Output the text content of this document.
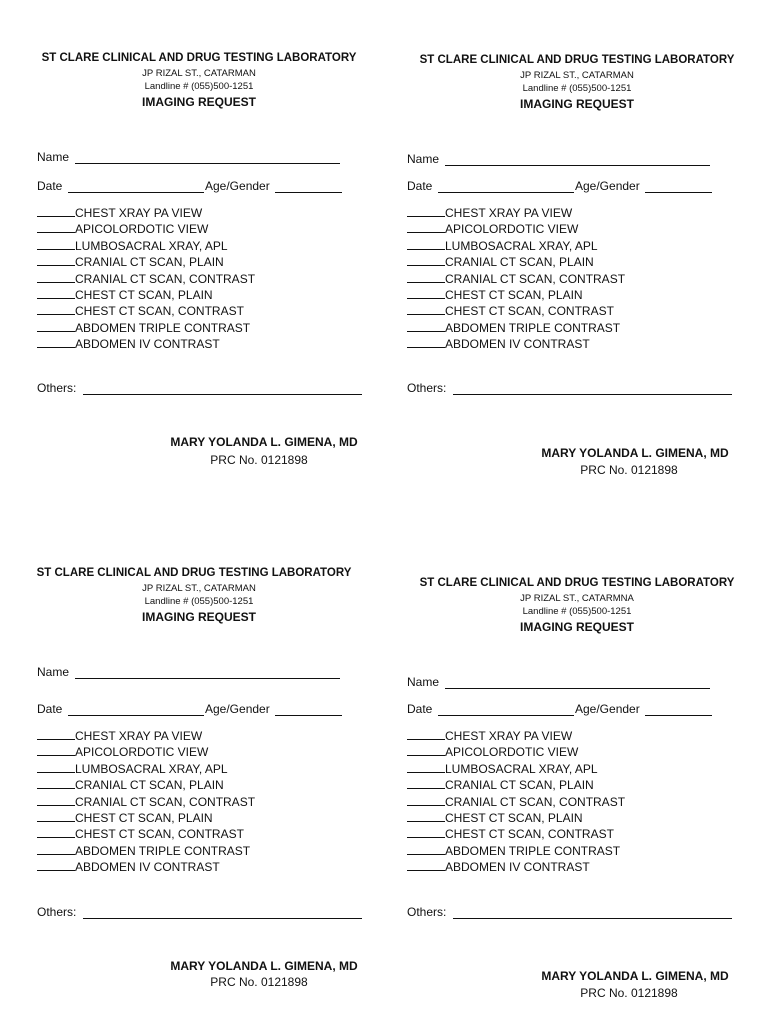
ST CLARE CLINICAL AND DRUG TESTING LABORATORY
JP RIZAL ST., CATARMAN
Landline # (055)500-1251
IMAGING REQUEST
Name
Date	Age/Gender
CHEST XRAY PA VIEW
APICOLORDOTIC VIEW
LUMBOSACRAL XRAY, APL
CRANIAL CT SCAN, PLAIN
CRANIAL CT SCAN, CONTRAST
CHEST CT SCAN, PLAIN
CHEST CT SCAN, CONTRAST
ABDOMEN TRIPLE CONTRAST
ABDOMEN IV CONTRAST
Others:
MARY YOLANDA L. GIMENA, MD
PRC No. 0121898
ST CLARE CLINICAL AND DRUG TESTING LABORATORY
JP RIZAL ST., CATARMAN
Landline # (055)500-1251
IMAGING REQUEST
Name
Date	Age/Gender
CHEST XRAY PA VIEW
APICOLORDOTIC VIEW
LUMBOSACRAL XRAY, APL
CRANIAL CT SCAN, PLAIN
CRANIAL CT SCAN, CONTRAST
CHEST CT SCAN, PLAIN
CHEST CT SCAN, CONTRAST
ABDOMEN TRIPLE CONTRAST
ABDOMEN IV CONTRAST
Others:
MARY YOLANDA L. GIMENA, MD
PRC No. 0121898
ST CLARE CLINICAL AND DRUG TESTING LABORATORY
JP RIZAL ST., CATARMAN
Landline # (055)500-1251
IMAGING REQUEST
Name
Date	Age/Gender
CHEST XRAY PA VIEW
APICOLORDOTIC VIEW
LUMBOSACRAL XRAY, APL
CRANIAL CT SCAN, PLAIN
CRANIAL CT SCAN, CONTRAST
CHEST CT SCAN, PLAIN
CHEST CT SCAN, CONTRAST
ABDOMEN TRIPLE CONTRAST
ABDOMEN IV CONTRAST
Others:
MARY YOLANDA L. GIMENA, MD
PRC No. 0121898
ST CLARE CLINICAL AND DRUG TESTING LABORATORY
JP RIZAL ST., CATARMNA
Landline # (055)500-1251
IMAGING REQUEST
Name
Date	Age/Gender
CHEST XRAY PA VIEW
APICOLORDOTIC VIEW
LUMBOSACRAL XRAY, APL
CRANIAL CT SCAN, PLAIN
CRANIAL CT SCAN, CONTRAST
CHEST CT SCAN, PLAIN
CHEST CT SCAN, CONTRAST
ABDOMEN TRIPLE CONTRAST
ABDOMEN IV CONTRAST
Others:
MARY YOLANDA L. GIMENA, MD
PRC No. 0121898
